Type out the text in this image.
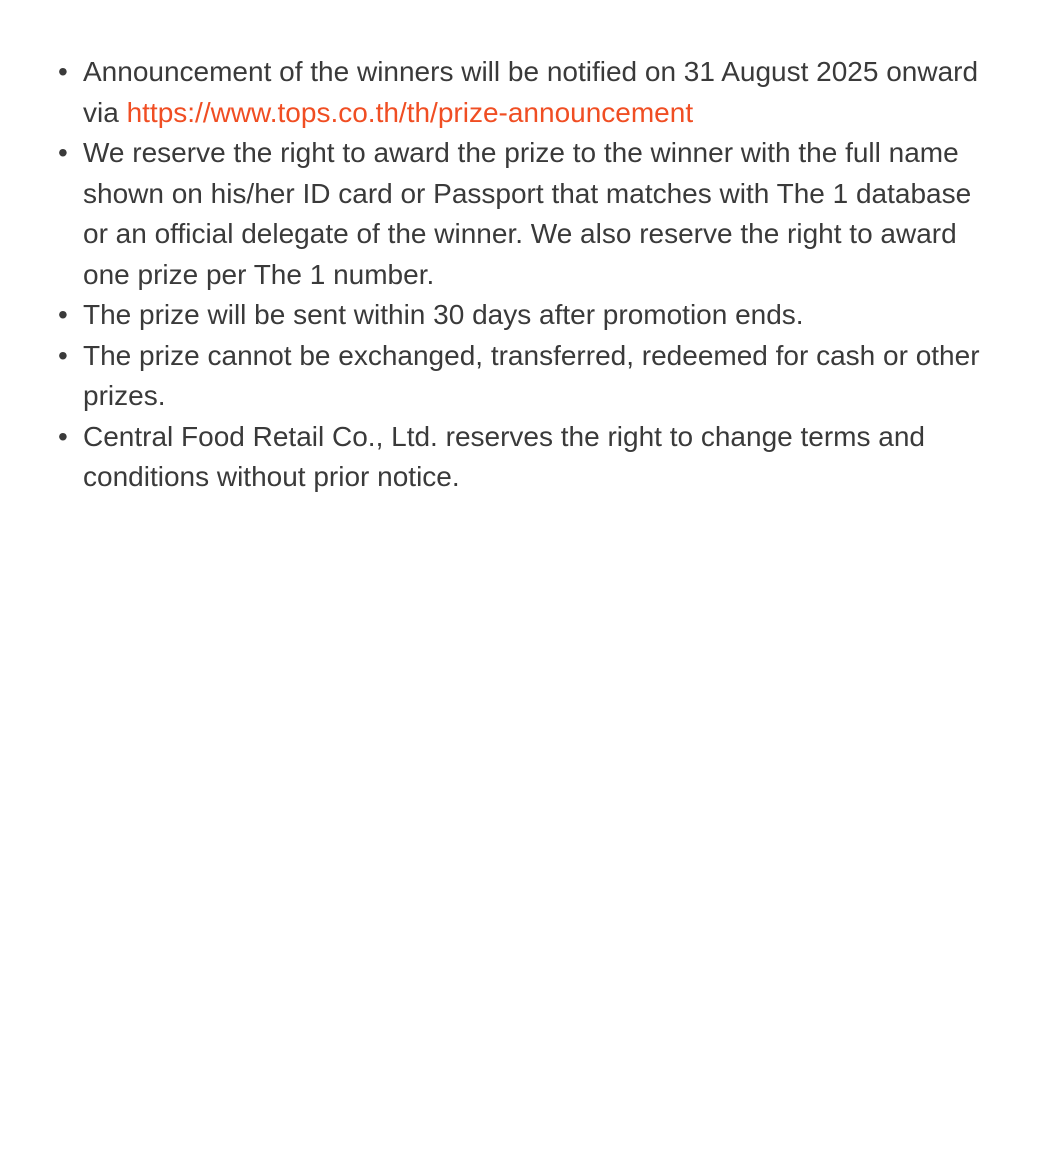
• Announcement of the winners will be notified on 31 August 2025 onward via https://www.tops.co.th/th/prize-announcement
• We reserve the right to award the prize to the winner with the full name shown on his/her ID card or Passport that matches with The 1 database or an official delegate of the winner. We also reserve the right to award one prize per The 1 number.
• The prize will be sent within 30 days after promotion ends.
• The prize cannot be exchanged, transferred, redeemed for cash or other prizes.
• Central Food Retail Co., Ltd. reserves the right to change terms and conditions without prior notice.
